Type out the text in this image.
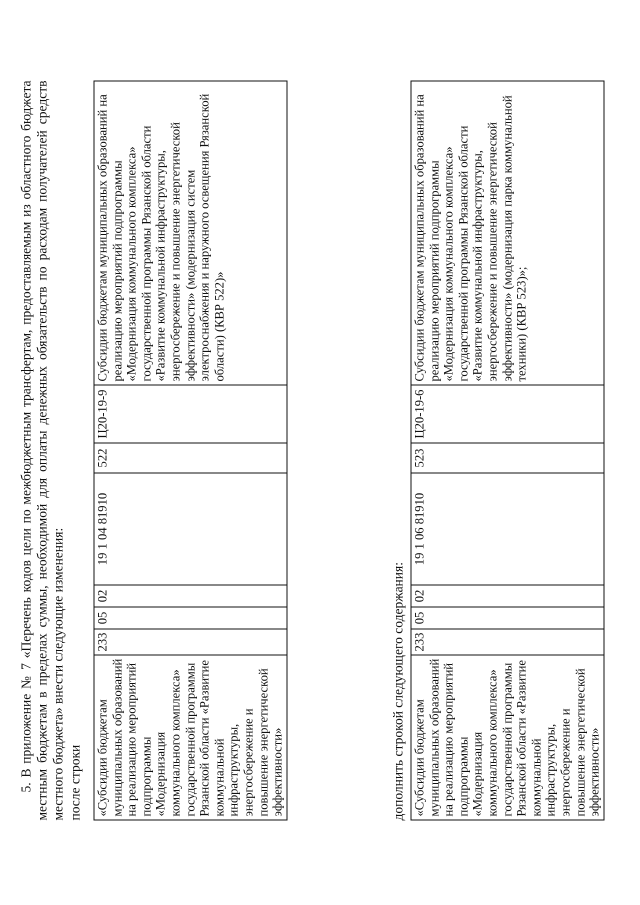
5. В приложение № 7 «Перечень кодов цели по межбюджетным трансфертам, предоставляемым из областного бюджета местным бюджетам в пределах суммы, необходимой для оплаты денежных обязательств по расходам получателей средств местного бюджета» внести следующие изменения: после строки «Субсидии бюджетам муниципальных образований на реализацию мероприятий подпрограммы «Модернизация коммунального комплекса» государственной программы Рязанской области «Развитие коммунальной инфраструктуры, энергосбережение и повышение энергетической эффективности»	233	05	02	19 1 04 81910	522	Ц20-19-9	Субсидии бюджетам муниципальных образований на реализацию мероприятий подпрограммы «Модернизация коммунального комплекса» государственной программы Рязанской области «Развитие коммунальной инфраструктуры, энергосбережение и повышение энергетической эффективности» (модернизация систем электроснабжения и наружного освещения Рязанской области) (КВР 522)»
дополнить строкой следующего содержания: «Субсидии бюджетам муниципальных образований на реализацию мероприятий подпрограммы «Модернизация коммунального комплекса» государственной программы Рязанской области «Развитие коммунальной инфраструктуры, энергосбережение и повышение энергетической эффективности»	233	05	02	19 1 06 81910	523	Ц20-19-6	Субсидии бюджетам муниципальных образований на реализацию мероприятий подпрограммы «Модернизация коммунального комплекса» государственной программы Рязанской области «Развитие коммунальной инфраструктуры, энергосбережение и повышение энергетической эффективности» (модернизация парка коммунальной техники) (КВР 523)»;
